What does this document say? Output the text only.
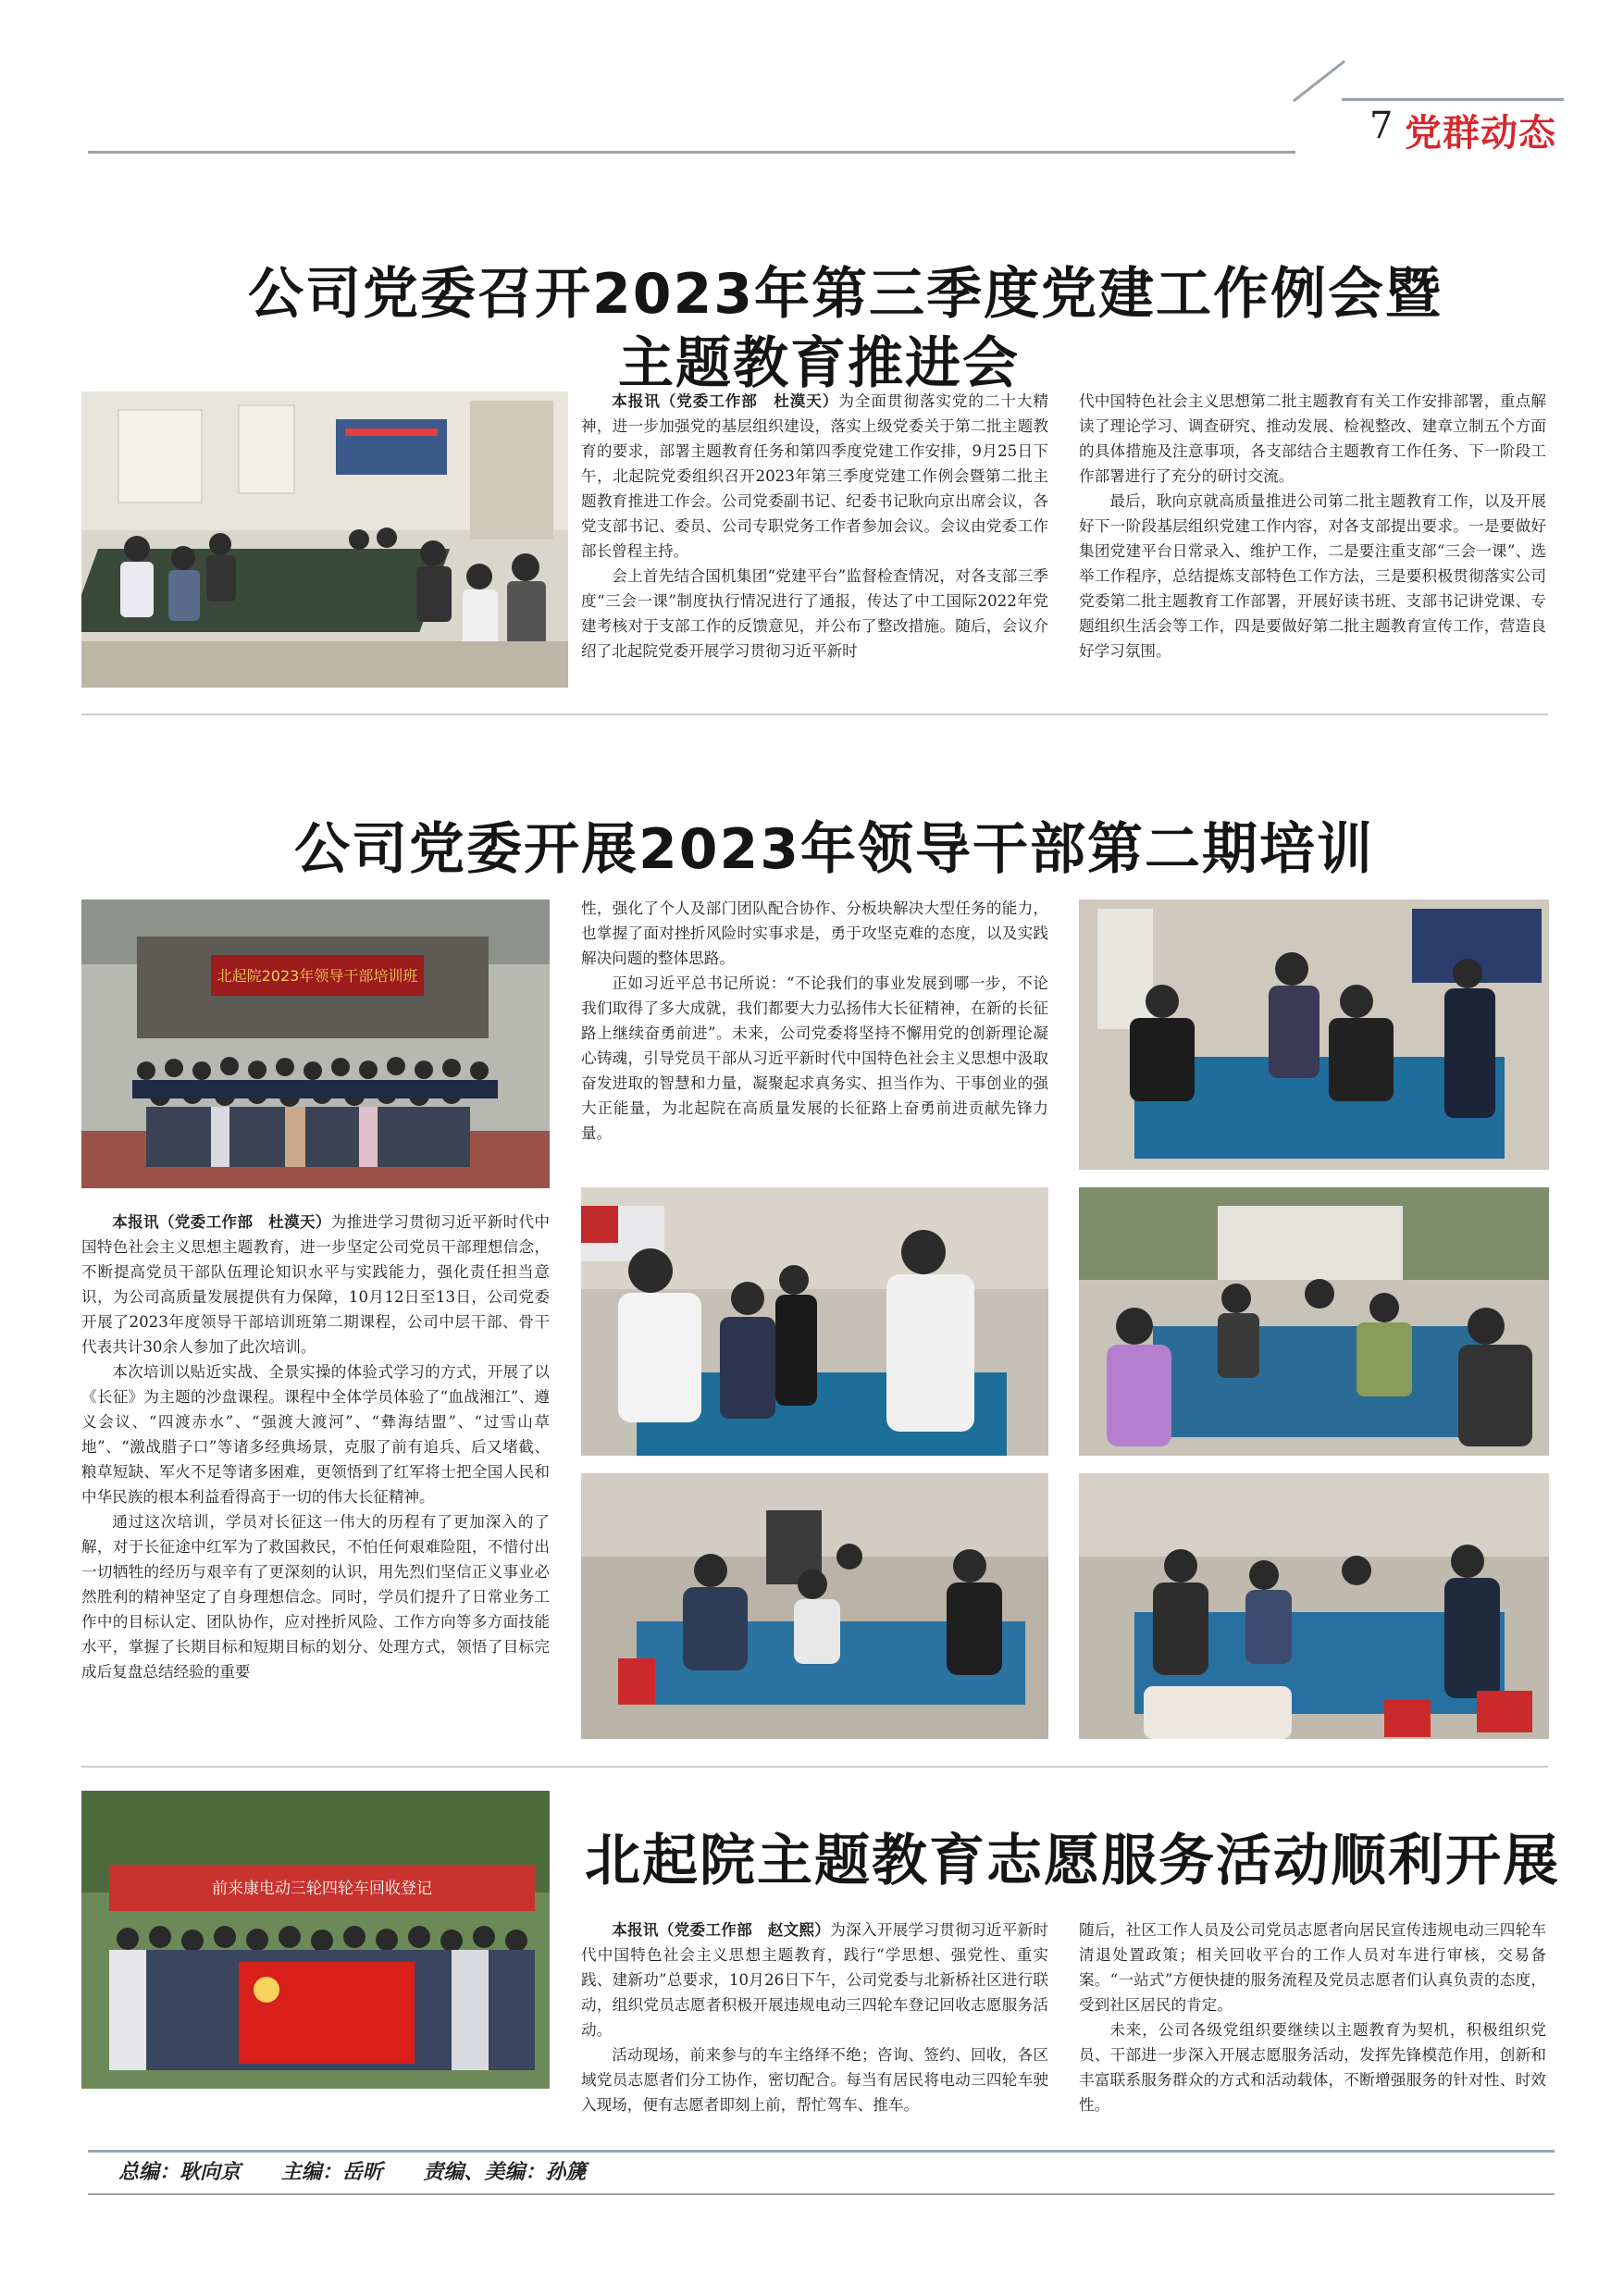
7 党群动态
公司党委召开2023年第三季度党建工作例会暨
主题教育推进会

本报讯（党委工作部　杜漠天）为全面贯彻落实党的二十大精神，进一步加强党的基层组织建设，落实上级党委关于第二批主题教育的要求，部署主题教育任务和第四季度党建工作安排，9月25日下午，北起院党委组织召开2023年第三季度党建工作例会暨第二批主题教育推进工作会。公司党委副书记、纪委书记耿向京出席会议，各党支部书记、委员、公司专职党务工作者参加会议。会议由党委工作部长曾程主持。

会上首先结合国机集团“党建平台”监督检查情况，对各支部三季度“三会一课”制度执行情况进行了通报，传达了中工国际2022年党建考核对于支部工作的反馈意见，并公布了整改措施。随后，会议介绍了北起院党委开展学习贯彻习近平新时

代中国特色社会主义思想第二批主题教育有关工作安排部署，重点解读了理论学习、调查研究、推动发展、检视整改、建章立制五个方面的具体措施及注意事项，各支部结合主题教育工作任务、下一阶段工作部署进行了充分的研讨交流。

最后，耿向京就高质量推进公司第二批主题教育工作，以及开展好下一阶段基层组织党建工作内容，对各支部提出要求。一是要做好集团党建平台日常录入、维护工作，二是要注重支部“三会一课”、选举工作程序，总结提炼支部特色工作方法，三是要积极贯彻落实公司党委第二批主题教育工作部署，开展好读书班、支部书记讲党课、专题组织生活会等工作，四是要做好第二批主题教育宣传工作，营造良好学习氛围。

公司党委开展2023年领导干部第二期培训
北起院2023年领导干部培训班

本报讯（党委工作部　杜漠天）为推进学习贯彻习近平新时代中国特色社会主义思想主题教育，进一步坚定公司党员干部理想信念，不断提高党员干部队伍理论知识水平与实践能力，强化责任担当意识，为公司高质量发展提供有力保障，10月12日至13日，公司党委开展了2023年度领导干部培训班第二期课程，公司中层干部、骨干代表共计30余人参加了此次培训。

本次培训以贴近实战、全景实操的体验式学习的方式，开展了以《长征》为主题的沙盘课程。课程中全体学员体验了“血战湘江”、遵义会议、“四渡赤水”、“强渡大渡河”、“彝海结盟”、“过雪山草地”、“激战腊子口”等诸多经典场景，克服了前有追兵、后又堵截、粮草短缺、军火不足等诸多困难，更领悟到了红军将士把全国人民和中华民族的根本利益看得高于一切的伟大长征精神。

通过这次培训，学员对长征这一伟大的历程有了更加深入的了解，对于长征途中红军为了救国救民，不怕任何艰难险阻，不惜付出一切牺牲的经历与艰辛有了更深刻的认识，用先烈们坚信正义事业必然胜利的精神坚定了自身理想信念。同时，学员们提升了日常业务工作中的目标认定、团队协作，应对挫折风险、工作方向等多方面技能水平，掌握了长期目标和短期目标的划分、处理方式，领悟了目标完成后复盘总结经验的重要

性，强化了个人及部门团队配合协作、分板块解决大型任务的能力，也掌握了面对挫折风险时实事求是，勇于攻坚克难的态度，以及实践解决问题的整体思路。

正如习近平总书记所说：“不论我们的事业发展到哪一步，不论我们取得了多大成就，我们都要大力弘扬伟大长征精神，在新的长征路上继续奋勇前进”。未来，公司党委将坚持不懈用党的创新理论凝心铸魂，引导党员干部从习近平新时代中国特色社会主义思想中汲取奋发进取的智慧和力量，凝聚起求真务实、担当作为、干事创业的强大正能量，为北起院在高质量发展的长征路上奋勇前进贡献先锋力量。

北起院主题教育志愿服务活动顺利开展
前来康电动三轮四轮车回收登记

本报讯（党委工作部　赵文熙）为深入开展学习贯彻习近平新时代中国特色社会主义思想主题教育，践行“学思想、强党性、重实践、建新功”总要求，10月26日下午，公司党委与北新桥社区进行联动，组织党员志愿者积极开展违规电动三四轮车登记回收志愿服务活动。

活动现场，前来参与的车主络绎不绝；咨询、签约、回收，各区域党员志愿者们分工协作，密切配合。每当有居民将电动三四轮车驶入现场，便有志愿者即刻上前，帮忙驾车、推车。

随后，社区工作人员及公司党员志愿者向居民宣传违规电动三四轮车清退处置政策；相关回收平台的工作人员对车进行审核，交易备案。“一站式”方便快捷的服务流程及党员志愿者们认真负责的态度，受到社区居民的肯定。

未来，公司各级党组织要继续以主题教育为契机，积极组织党员、干部进一步深入开展志愿服务活动，发挥先锋模范作用，创新和丰富联系服务群众的方式和活动载体，不断增强服务的针对性、时效性。

总编：耿向京 主编：岳昕 责编、美编：孙篪
